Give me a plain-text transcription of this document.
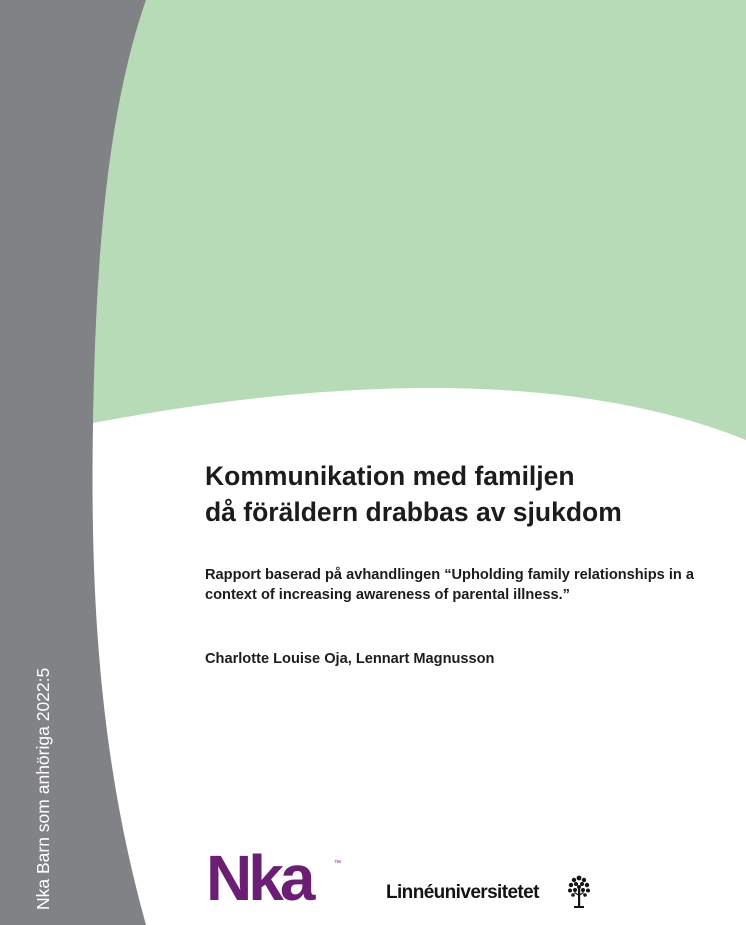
Nka Barn som anhöriga 2022:5
Kommunikation med familjen
då föräldern drabbas av sjukdom

Rapport baserad på avhandlingen “Upholding family relationships in a
context of increasing awareness of parental illness.”

Charlotte Louise Oja, Lennart Magnusson
Nka	™
Linnéuniversitetet
